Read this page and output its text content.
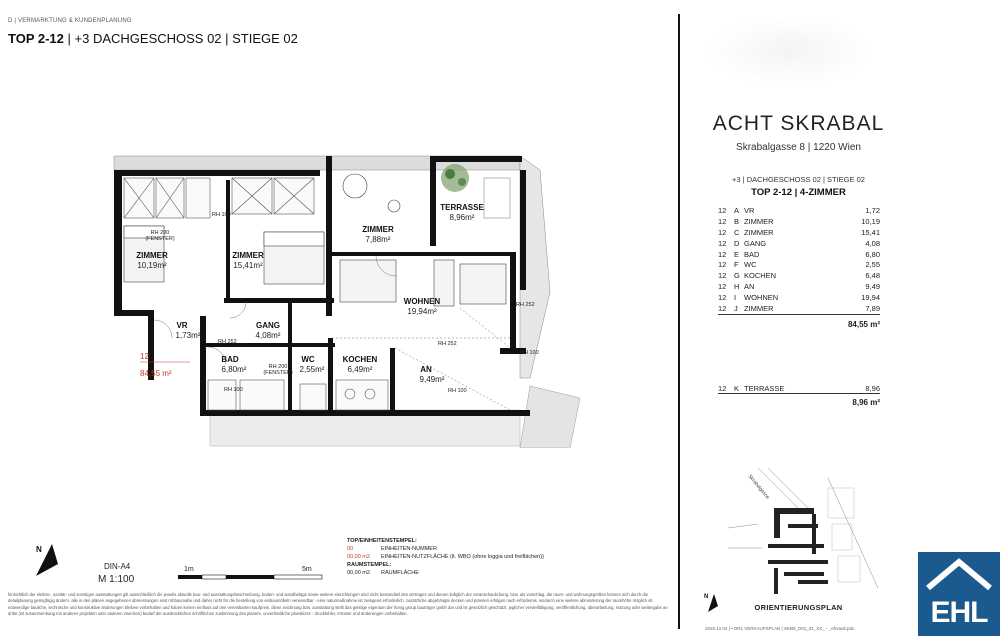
D | VERMARKTUNG & KUNDENPLANUNG
TOP 2-12 | +3 DACHGESCHOSS 02 | STIEGE 02
ZIMMER
10,19m²
ZIMMER
15,41m²
ZIMMER
7,88m²
TERRASSE
8,96m²
WOHNEN
19,94m²
VR
1,73m²
GANG
4,08m²
BAD
6,80m²
WC
2,55m²
KOCHEN
6,49m²	AN
9,49m²
RH 100
RH 200
(FENSTER)
RH 252
RH 200
(FENSTER)
RH 252
RH 252
RH 100
RH 100
RH 100
12
84,55 m²
N
DIN-A4
M 1:100
1m	5m
TOP/EINHEITENSTEMPEL:
00	EINHEITEN-NUMMER
00,00 m2	EINHEITEN-NUTZFLÄCHE (lt. WBO (ohne loggia und freiflächen))
RAUMSTEMPEL:
00,00 m2	RAUMFLÄCHE
hinsichtlich der elektro-, sanitär- und sonstigen ausstattungen gilt ausschließlich die jeweils aktuelle bau- und ausstattungsbeschreibung. boden- und wandbeläge sowie weitere einrichtungen sind nicht bestandteil des vertrages und dienen lediglich der veranschaulichung. bzw. als vorschlag. die raum- und wohnungsgrößen können sich durch die detailplanung geringfügig ändern. alle in den plänen angegebenen abmessungen sind rohbaumaße und daher nicht für die bestellung von einbaumöbeln verwendbar - eine naturmaßnahme ist zwingend erforderlich. zusätzliche abgehängte decken und poterien erfolgen nach erfordernis. wodurch eine weitere abminderung der raumhöhe möglich ist. notwendige bauliche, technische und konstruktive änderungen bleiben vorbehalten und haben keinen einfluss auf den vereinbarten kaufpreis. diese zeichnung bzw. ausstattung stellt das geistige eigentum der honig group bauträger gmbh dar und ist gesetzlich geschützt. jeglicher vervielfältigung, veröffentlichung, überarbeitung, nutzung oder weitergabe an dritte (ist zusammenhang mit anderen projekten oder anderen zwecken) bedarf der ausdrücklichen schriftlichen zustimmung des planers. unverbindliche planskizze - druckfehler, irrtümer und änderungen vorbehalten.
ACHT SKRABAL
Skrabalgasse 8 | 1220 Wien
+3 | DACHGESCHOSS 02 | STIEGE 02
TOP 2-12 | 4-ZIMMER
12	A VR	1,72
12	B ZIMMER	10,19
12	C ZIMMER	15,41
12	D GANG	4,08
12	E BAD	6,80
12	F WC	2,55
12	G KOCHEN	6,48
12	H AN	9,49
12	I	WOHNEN	19,94
12	J ZIMMER	7,89
84,55 m²
12	K TERRASSE	8,96
8,96 m²
Skrabalgasse
N
ORIENTIERUNGSPLAN
2025.12.04 | • DR1 VERKAUFSPLAN | SKB8_D01_01_XX_ - _ehvault.pdn	EHL
